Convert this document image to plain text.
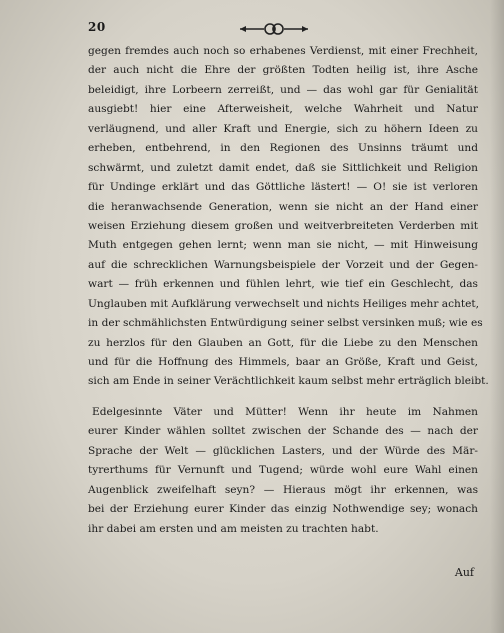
20
gegen fremdes auch noch so erhabenes Verdienst, mit einer Frechheit,
der auch nicht die Ehre der größten Todten heilig ist, ihre Asche
beleidigt, ihre Lorbeern zerreißt, und — das wohl gar für Genialität
ausgiebt! hier eine Afterweisheit, welche Wahrheit und Natur
verläugnend, und aller Kraft und Energie, sich zu höhern Ideen zu
erheben, entbehrend, in den Regionen des Unsinns träumt und
schwärmt, und zuletzt damit endet, daß sie Sittlichkeit und Religion
für Undinge erklärt und das Göttliche lästert! — O! sie ist verloren
die heranwachsende Generation, wenn sie nicht an der Hand einer
weisen Erziehung diesem großen und weitverbreiteten Verderben mit
Muth entgegen gehen lernt; wenn man sie nicht, — mit Hinweisung
auf die schrecklichen Warnungsbeispiele der Vorzeit und der Gegen-
wart — früh erkennen und fühlen lehrt, wie tief ein Geschlecht, das
Unglauben mit Aufklärung verwechselt und nichts Heiliges mehr achtet,
in der schmählichsten Entwürdigung seiner selbst versinken muß; wie es
zu herzlos für den Glauben an Gott, für die Liebe zu den Menschen
und für die Hoffnung des Himmels, baar an Größe, Kraft und Geist,
sich am Ende in seiner Verächtlichkeit kaum selbst mehr erträglich bleibt.
Edelgesinnte Väter und Mütter! Wenn ihr heute im Nahmen
eurer Kinder wählen solltet zwischen der Schande des — nach der
Sprache der Welt — glücklichen Lasters, und der Würde des Mär-
tyrerthums für Vernunft und Tugend; würde wohl eure Wahl einen
Augenblick zweifelhaft seyn? — Hieraus mögt ihr erkennen, was
bei der Erziehung eurer Kinder das einzig Nothwendige sey; wonach
ihr dabei am ersten und am meisten zu trachten habt.
Auf
